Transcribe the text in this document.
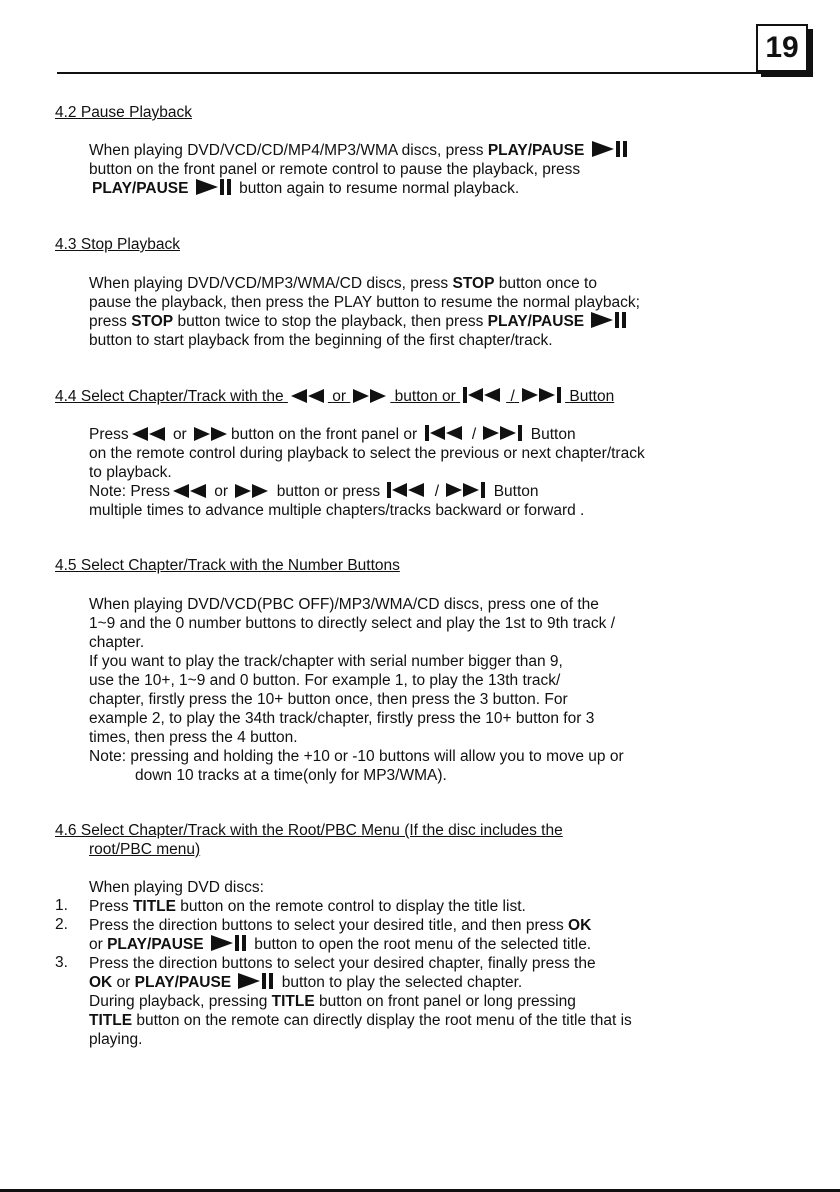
19
4.2 Pause Playback
When playing DVD/VCD/CD/MP4/MP3/WMA discs, press PLAY/PAUSE
button on the front panel or remote control to pause the playback, press
PLAY/PAUSE	button again to resume normal playback.
4.3 Stop Playback
When playing DVD/VCD/MP3/WMA/CD discs, press STOP button once to
pause the playback, then press the PLAY button to resume the normal playback;
press STOP button twice to stop the playback, then press PLAY/PAUSE
button to start playback from the beginning of the first chapter/track.
4.4 Select Chapter/Track with the	or	button or	/	Button
Press	or	button on the front panel or	/	Button
on the remote control during playback to select the previous or next chapter/track
to playback.
Note: Press	or	button or press	/	Button
multiple times to advance multiple chapters/tracks backward or forward .
4.5 Select Chapter/Track with the Number Buttons
When playing DVD/VCD(PBC OFF)/MP3/WMA/CD discs, press one of the
1~9 and the 0 number buttons to directly select and play the 1st to 9th track /
chapter.
If you want to play the track/chapter with serial number bigger than 9,
use the 10+, 1~9 and 0 button. For example 1, to play the 13th track/
chapter, firstly press the 10+ button once, then press the 3 button. For
example 2, to play the 34th track/chapter, firstly press the 10+ button for 3
times, then press the 4 button.
Note: pressing and holding the +10 or -10 buttons will allow you to move up or
down 10 tracks at a time(only for MP3/WMA).
4.6 Select Chapter/Track with the Root/PBC Menu (If the disc includes the
root/PBC menu)
When playing DVD discs:
1. Press TITLE button on the remote control to display the title list.
2. Press the direction buttons to select your desired title, and then press OK
or PLAY/PAUSE	button to open the root menu of the selected title.
3. Press the direction buttons to select your desired chapter, finally press the
OK or PLAY/PAUSE	button to play the selected chapter.
During playback, pressing TITLE button on front panel or long pressing
TITLE button on the remote can directly display the root menu of the title that is
playing.
